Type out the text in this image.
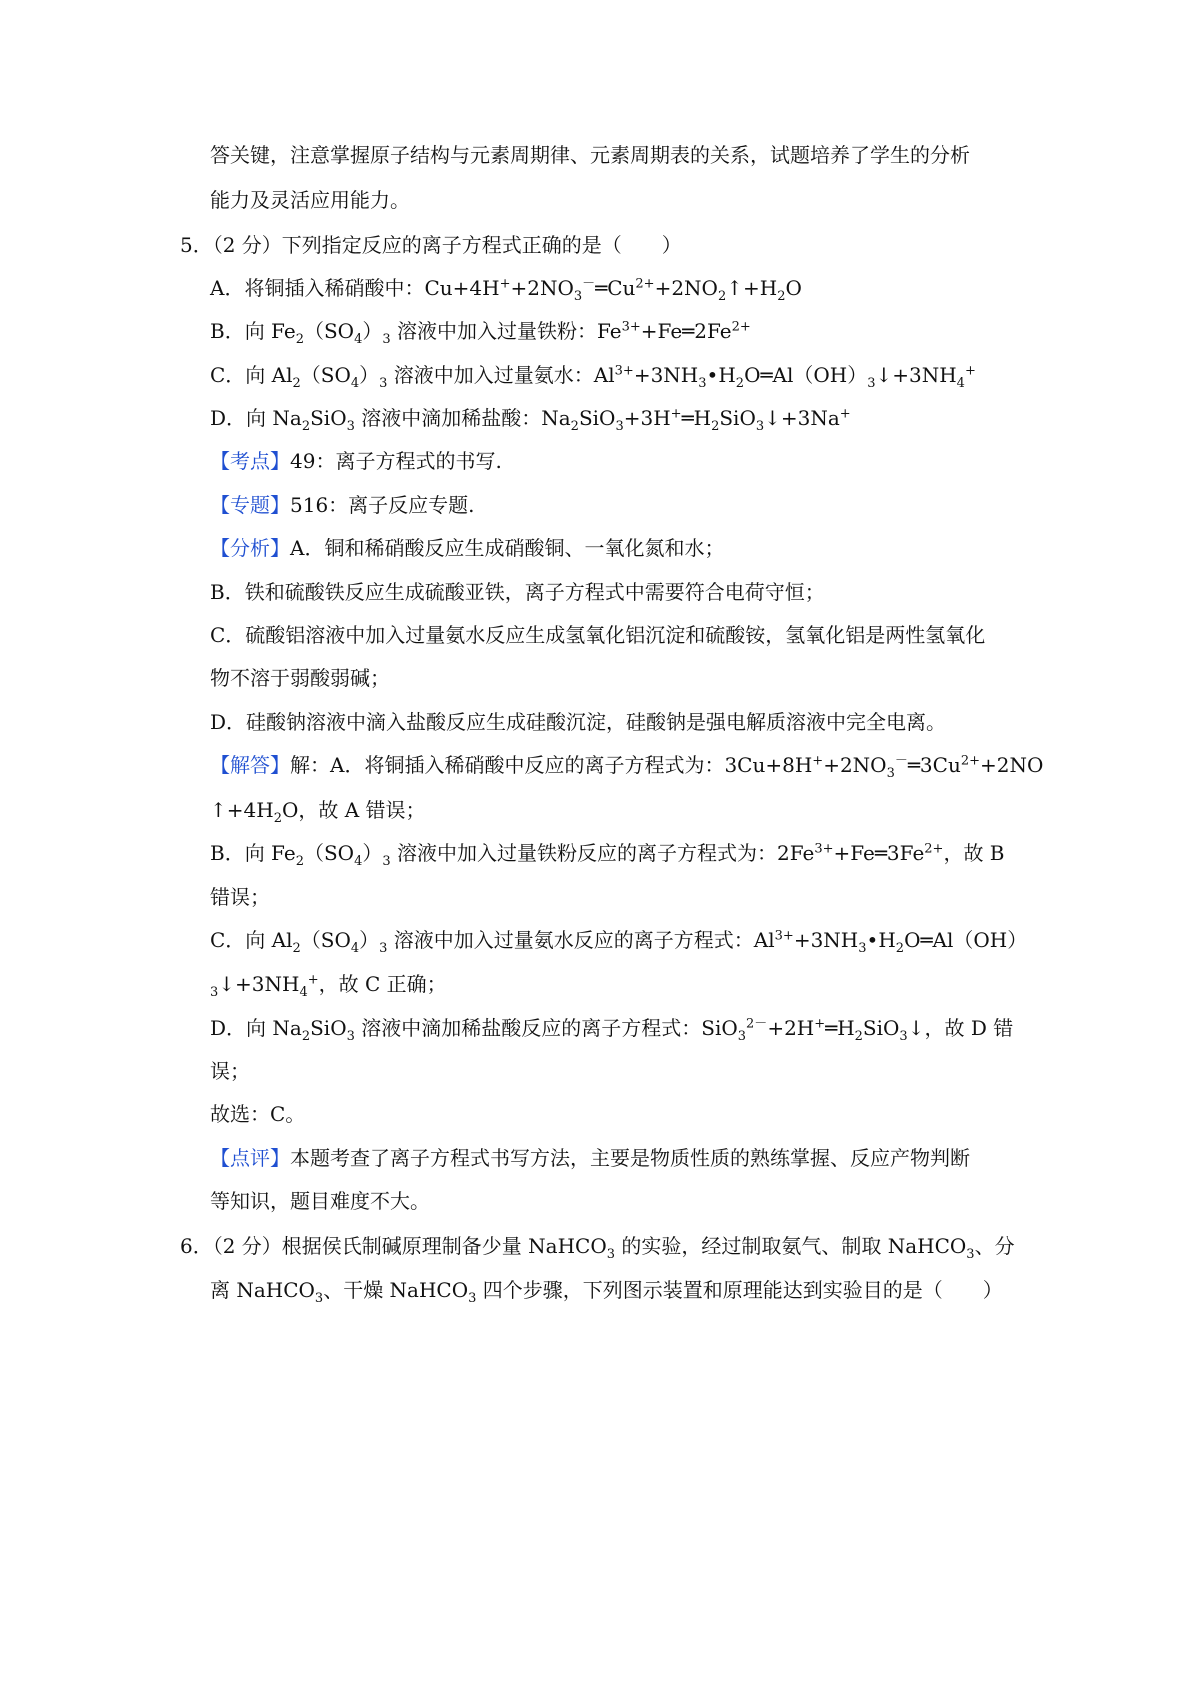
答关键，注意掌握原子结构与元素周期律、元素周期表的关系，试题培养了学生的分析
能力及灵活应用能力。
5．（2 分）下列指定反应的离子方程式正确的是（　　）
A．将铜插入稀硝酸中：$Cu+4H^++2NO_3^-═Cu^{2+}+2NO_2↑+H_2O$
B．向 $Fe_2(SO_4)_3$ 溶液中加入过量铁粉：$Fe^{3+}+Fe═2Fe^{2+}$
C．向 $Al_2(SO_4)_3$ 溶液中加入过量氨水：$Al^{3+}+3NH_3•H_2O═Al(OH)_3↓+3NH_4^+$
D．向 $Na_2SiO_3$ 溶液中滴加稀盐酸：$Na_2SiO_3+3H^+═H_2SiO_3↓+3Na^+$
【考点】49：离子方程式的书写.
【专题】516：离子反应专题.
【分析】A．铜和稀硝酸反应生成硝酸铜、一氧化氮和水；
B．铁和硫酸铁反应生成硫酸亚铁，离子方程式中需要符合电荷守恒；
C．硫酸铝溶液中加入过量氨水反应生成氢氧化铝沉淀和硫酸铵，氢氧化铝是两性氢氧化
物不溶于弱酸弱碱；
D．硅酸钠溶液中滴入盐酸反应生成硅酸沉淀，硅酸钠是强电解质溶液中完全电离。
【解答】解：A．将铜插入稀硝酸中反应的离子方程式为：$3Cu+8H^++2NO_3^-═3Cu^{2+}+2NO$
$↑+4H_2O$，故 A 错误；
B．向 $Fe_2(SO_4)_3$ 溶液中加入过量铁粉反应的离子方程式为：$2Fe^{3+}+Fe═3Fe^{2+}$，故 B
错误；
C．向 $Al_2(SO_4)_3$ 溶液中加入过量氨水反应的离子方程式：$Al^{3+}+3NH_3•H_2O═Al(OH)$
$_3↓+3NH_4^+$，故 C 正确；
D．向 $Na_2SiO_3$ 溶液中滴加稀盐酸反应的离子方程式：$SiO_3^{2-}+2H^+═H_2SiO_3↓$，故 D 错
误；
故选：C。
【点评】本题考查了离子方程式书写方法，主要是物质性质的熟练掌握、反应产物判断
等知识，题目难度不大。
6．（2 分）根据侯氏制碱原理制备少量 NaHCO$_3$ 的实验，经过制取氨气、制取 NaHCO$_3$、分
离 NaHCO$_3$、干燥 NaHCO$_3$ 四个步骤，下列图示装置和原理能达到实验目的是（　　）
